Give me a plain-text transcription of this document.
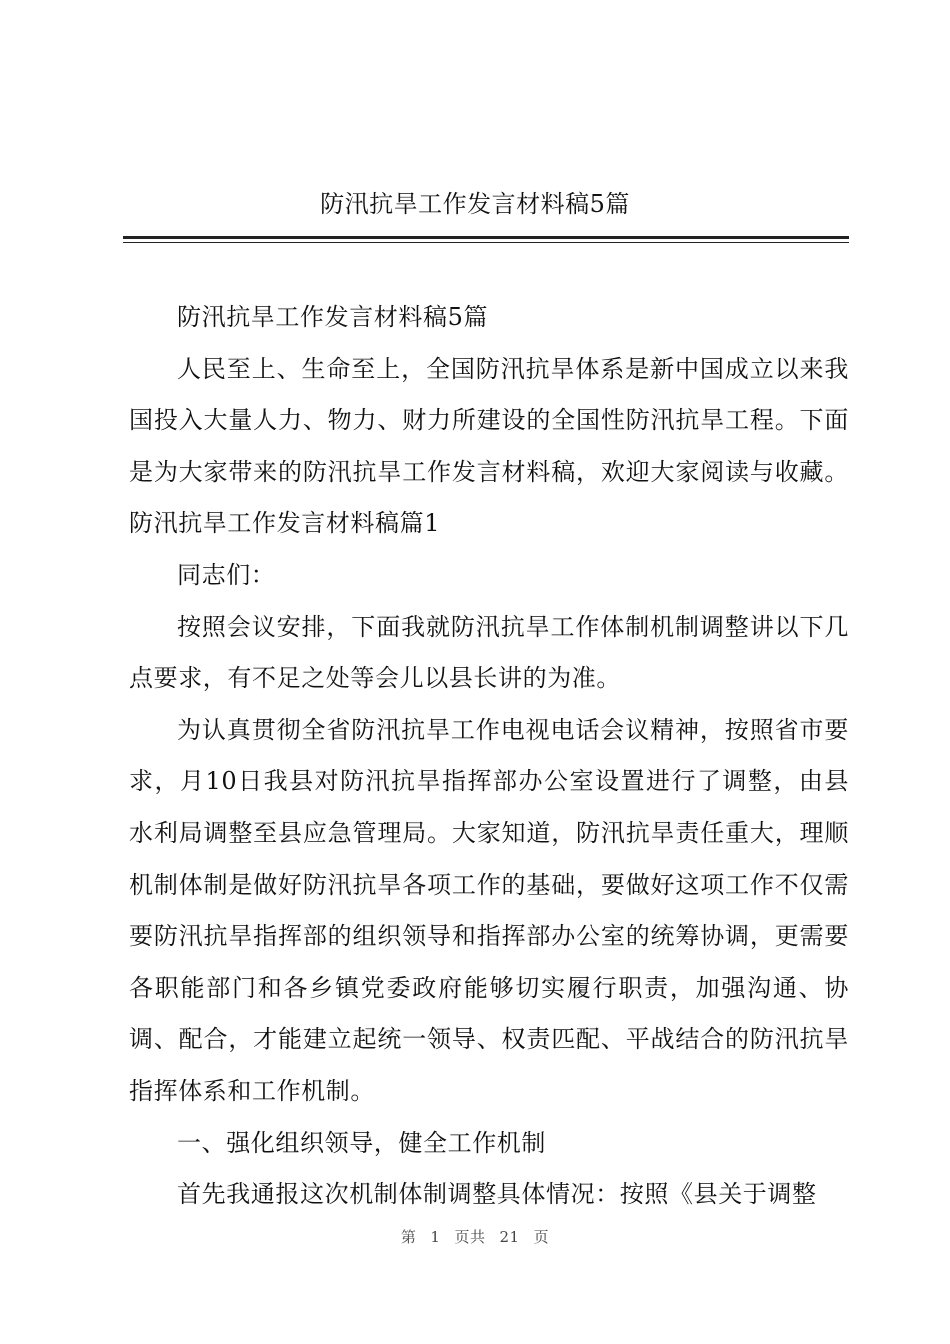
防汛抗旱工作发言材料稿5篇

防汛抗旱工作发言材料稿5篇

人民至上、生命至上，全国防汛抗旱体系是新中国成立以来我国投入大量人力、物力、财力所建设的全国性防汛抗旱工程。下面是为大家带来的防汛抗旱工作发言材料稿，欢迎大家阅读与收藏。防汛抗旱工作发言材料稿篇1

同志们：

按照会议安排，下面我就防汛抗旱工作体制机制调整讲以下几点要求，有不足之处等会儿以县长讲的为准。

为认真贯彻全省防汛抗旱工作电视电话会议精神，按照省市要求，月10日我县对防汛抗旱指挥部办公室设置进行了调整，由县水利局调整至县应急管理局。大家知道，防汛抗旱责任重大，理顺机制体制是做好防汛抗旱各项工作的基础，要做好这项工作不仅需要防汛抗旱指挥部的组织领导和指挥部办公室的统筹协调，更需要各职能部门和各乡镇党委政府能够切实履行职责，加强沟通、协调、配合，才能建立起统一领导、权责匹配、平战结合的防汛抗旱指挥体系和工作机制。

一、强化组织领导，健全工作机制

首先我通报这次机制体制调整具体情况：按照《县关于调整

第 1 页共 21 页
